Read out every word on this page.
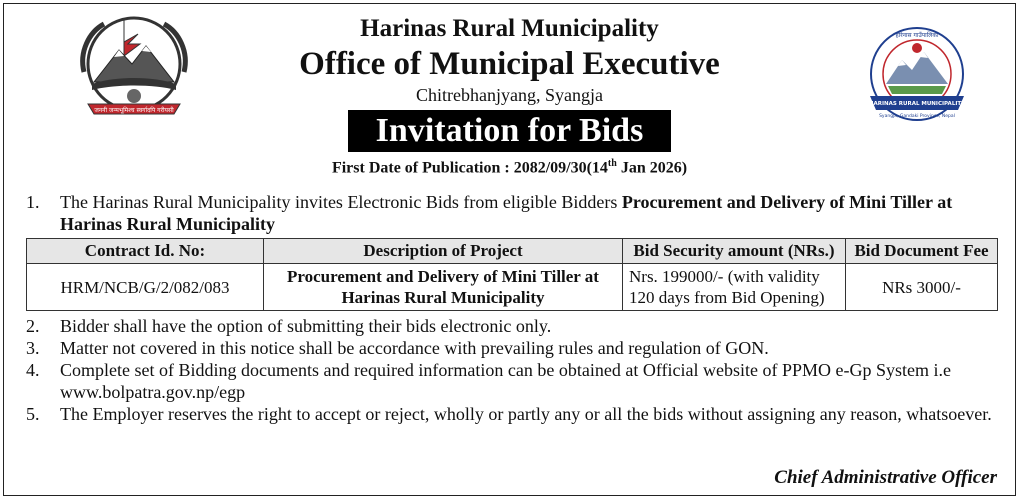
जननी जन्मभूमिश्च स्वर्गादपि गरीयसी
हरिनास गाउँपालिका
HARINAS RURAL MUNICIPALITY
Syangja, Gandaki Province, Nepal
Harinas Rural Municipality
Office of Municipal Executive
Chitrebhanjyang, Syangja
Invitation for Bids
First Date of Publication : 2082/09/30(14th Jan 2026)
1.	The Harinas Rural Municipality invites Electronic Bids from eligible Bidders Procurement and Delivery of Mini Tiller at Harinas Rural Municipality
Contract Id. No:	Description of Project	Bid Security amount (NRs.)	Bid Document Fee
HRM/NCB/G/2/082/083	Procurement and Delivery of Mini Tiller at Harinas Rural Municipality	Nrs. 199000/- (with validity 120 days from Bid Opening)	NRs 3000/-
2.	Bidder shall have the option of submitting their bids electronic only.
3.	Matter not covered in this notice shall be accordance with prevailing rules and regulation of GON.
4.	Complete set of Bidding documents and required information can be obtained at Official website of PPMO e-Gp System i.e www.bolpatra.gov.np/egp
5.	The Employer reserves the right to accept or reject, wholly or partly any or all the bids without assigning any reason, whatsoever.
Chief Administrative Officer
